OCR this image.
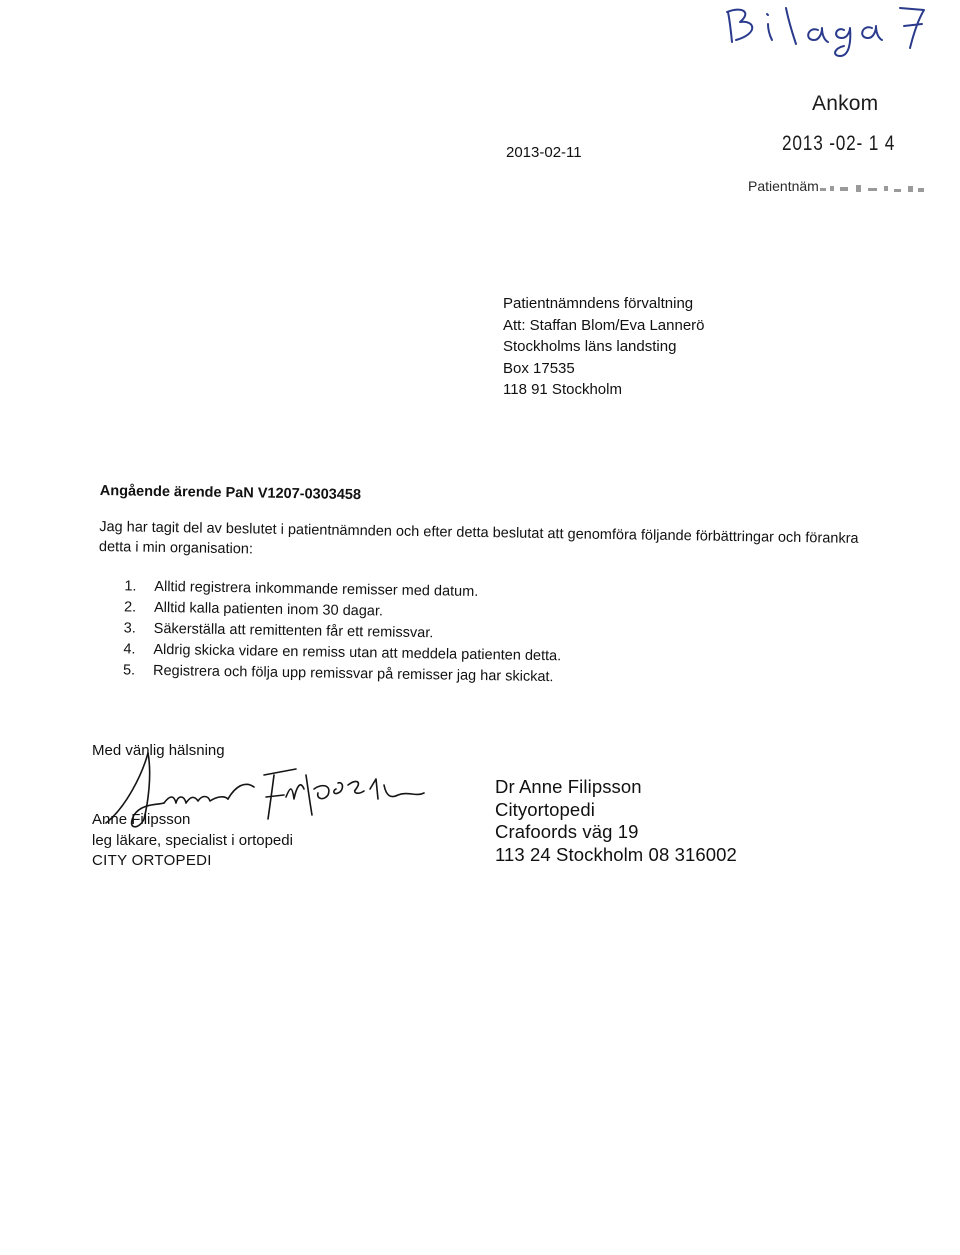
Ankom
2013 -02- 1 4
Patientnäm
2013-02-11
Patientnämndens förvaltning
Att: Staffan Blom/Eva Lannerö
Stockholms läns landsting
Box 17535
118 91 Stockholm
Angående ärende PaN V1207-0303458
Jag har tagit del av beslutet i patientnämnden och efter detta beslutat att genomföra följande förbättringar och förankra detta i min organisation:
1. Alltid registrera inkommande remisser med datum.
2. Alltid kalla patienten inom 30 dagar.
3. Säkerställa att remittenten får ett remissvar.
4. Aldrig skicka vidare en remiss utan att meddela patienten detta.
5. Registrera och följa upp remissvar på remisser jag har skickat.
Med vänlig hälsning
Anne Filipsson
leg läkare, specialist i ortopedi
CITY ORTOPEDI
Dr Anne Filipsson
Cityortopedi
Crafoords väg 19
113 24 Stockholm 08 316002
